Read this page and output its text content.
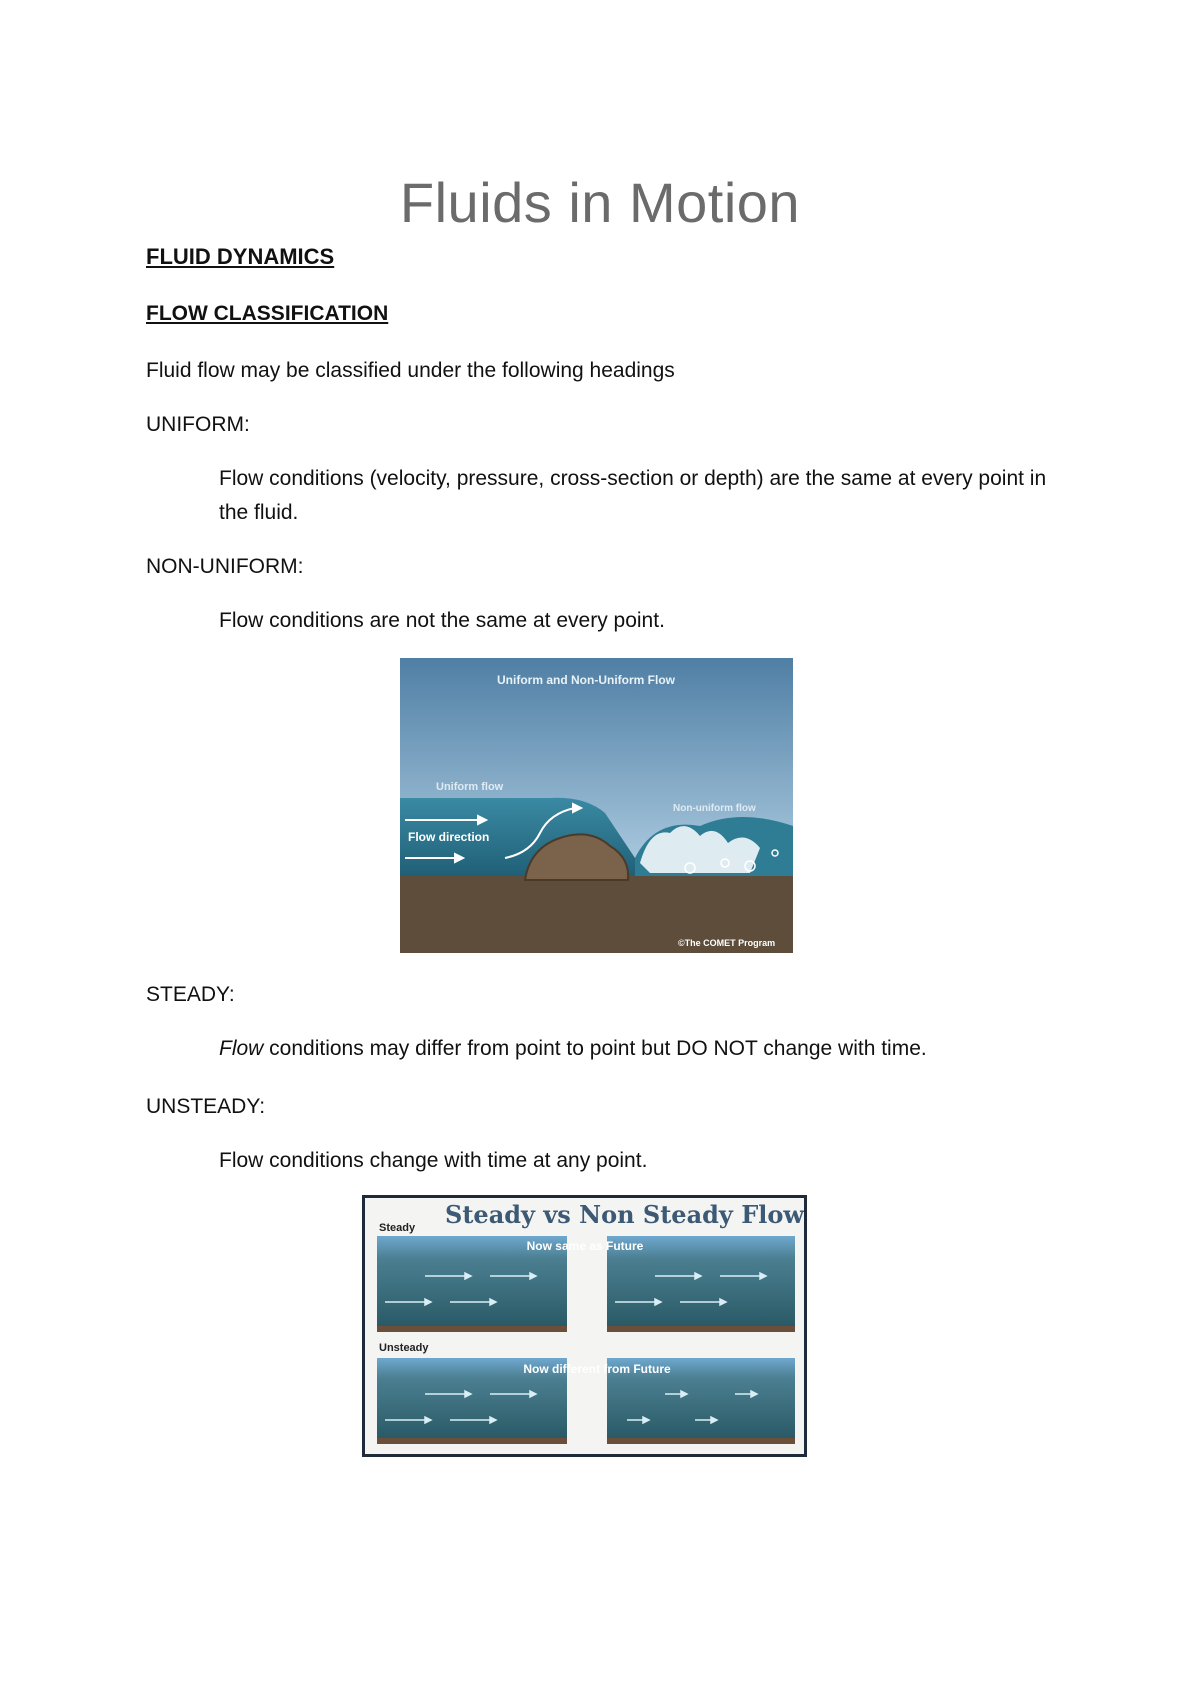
Fluids in Motion
FLUID DYNAMICS
FLOW CLASSIFICATION
Fluid flow may be classified under the following headings
UNIFORM:
Flow conditions (velocity, pressure, cross-section or depth) are the same at every point in the fluid.
NON-UNIFORM:
Flow conditions are not the same at every point.
Uniform and Non-Uniform Flow
Uniform flow
Flow direction
Non-uniform flow
©The COMET Program
STEADY:
Flow conditions may differ from point to point but DO NOT change with time.
UNSTEADY:
Flow conditions change with time at any point.
Steady vs Non Steady Flow
Steady
Now same as Future
Unsteady
Now different from Future
